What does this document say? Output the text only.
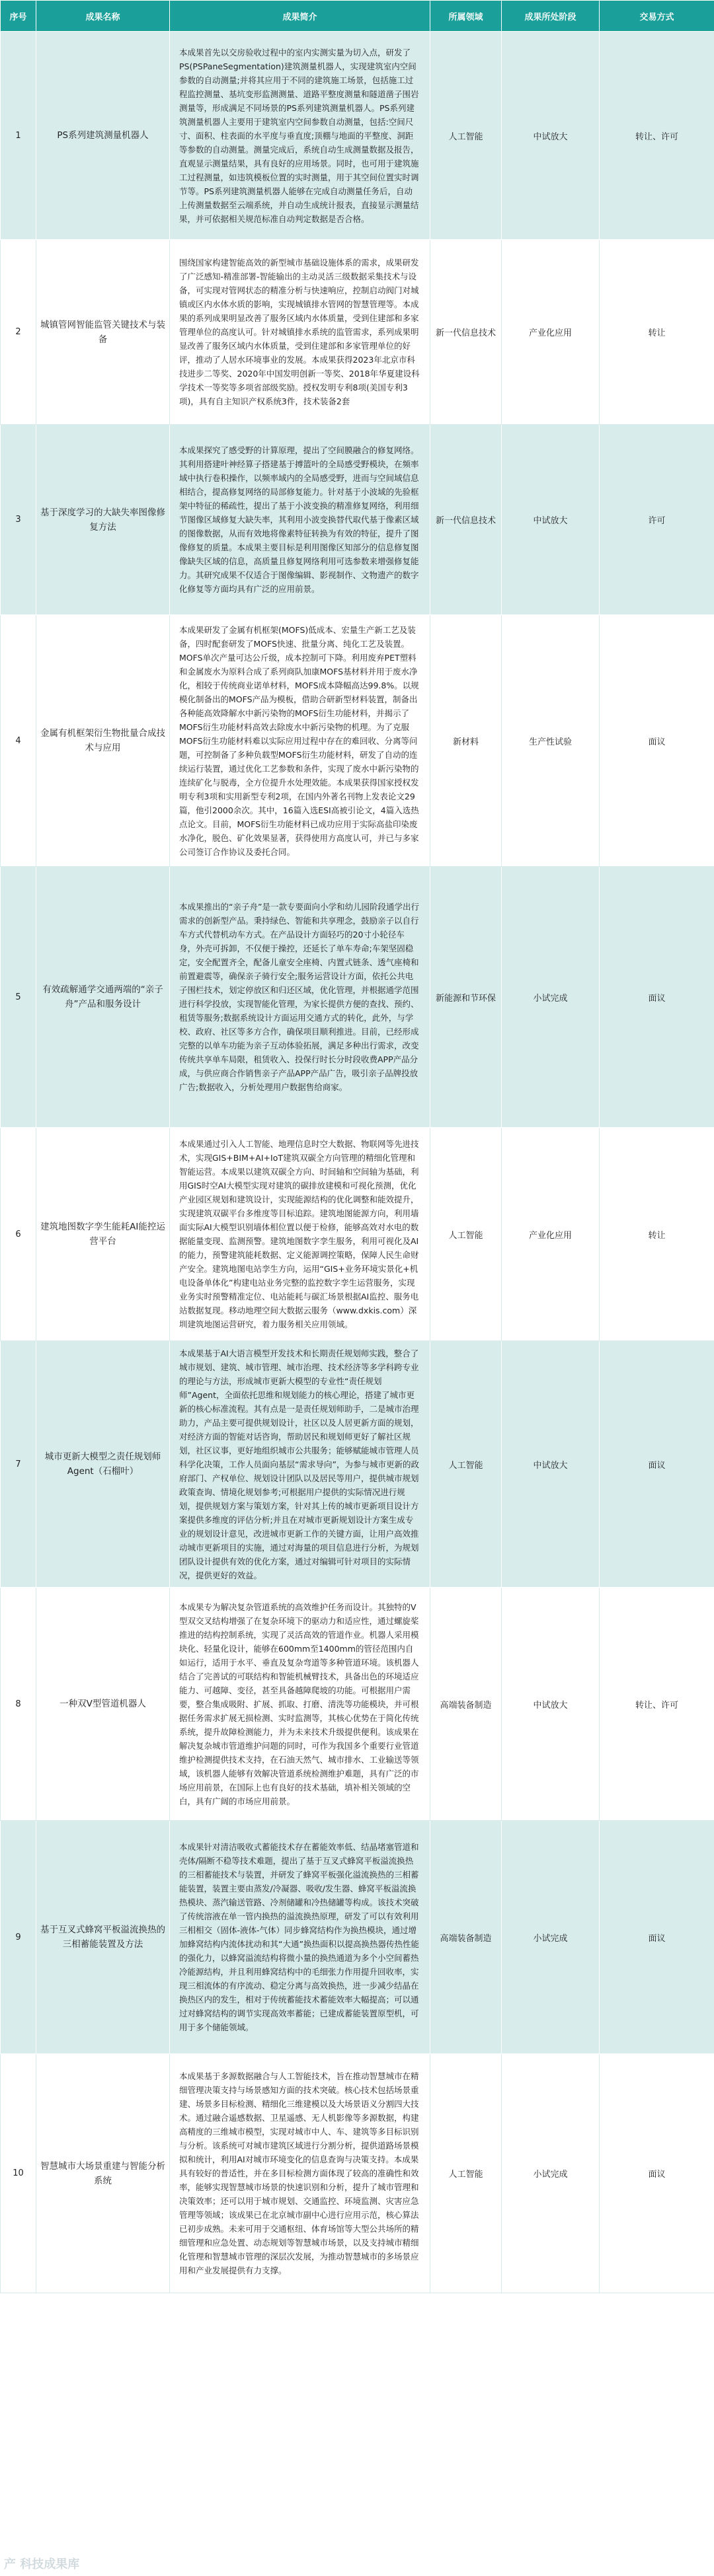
序号	成果名称	成果简介	所属领域	成果所处阶段	交易方式
1	PS系列建筑测量机器人	本成果首先以交房验收过程中的室内实测实量为切入点，研发了PS(PSPaneSegmentation)建筑测量机器人，实现建筑室内空间参数的自动测量;并将其应用于不同的建筑施工场景，包括施工过程监控测量、基坑变形监测测量、道路平整度测量和隧道凿子围岩测量等，形成满足不同场景的PS系列建筑测量机器人。PS系列建筑测量机器人主要用于建筑室内空间参数自动测量，包括:空间尺寸、面积、柱表面的水平度与垂直度;顶棚与地面的平整度、洞距等参数的自动测量。测量完成后，系统自动生成测量数据及报告，直观显示测量结果，具有良好的应用场景。同时，也可用于建筑施工过程测量，如违筑模板位置的实时测量，用于其空间位置实时调节等。PS系列建筑测量机器人能够在完成自动测量任务后，自动上传测量数据至云端系统，并自动生成统计报表，直接显示测量结果，并可依据相关规范标准自动判定数据是否合格。	人工智能	中试放大	转让、许可
2	城镇管网智能监管关键技术与装备	围绕国家构建智能高效的新型城市基础设施体系的需求，成果研发了广泛感知-精准部署-智能输出的主动灵活三级数据采集技术与设备，可实现对管网状态的精准分析与快速响应，控制启动阀门对城镇或区内水体水质的影响，实现城镇排水管网的智慧管理等。本成果的系列成果明显改善了服务区域内水体质量，受到住建部和多家管理单位的高度认可。针对城镇排水系统的监管需求，系列成果明显改善了服务区域内水体质量，受到住建部和多家管理单位的好评，推动了人居水环境事业的发展。本成果获得2023年北京市科技进步二等奖、2020年中国发明创新一等奖、2018年华夏建设科学技术一等奖等多项省部级奖励。授权发明专利8项(美国专利3项)，具有自主知识产权系统3件，技术装备2套	新一代信息技术	产业化应用	转让
3	基于深度学习的大缺失率图像修复方法	本成果探究了感受野的计算原理，提出了空间膜融合的修复网络。其利用搭建叶神经算子搭建基于搏篮叶的全局感受野模块，在频率域中执行卷积操作，以频率域内的全局感受野，进而与空间域信息相结合，提高修复网络的局部修复能力。针对基于小波域的先验框架中特征的稀疏性，提出了基于小波变换的精准修复网络，利用细节图像区域修复大缺失率，其利用小波变换替代取代基于像素区域的图像数据，从而有效地将像素特征转换为有效的特征，提升了图像修复的质量。本成果主要目标是利用图像区知部分的信息修复图像缺失区域的信息，高质量且修复网络利用可选参数来增强修复能力。其研究成果不仅适合于图像编辑、影视制作、文物遗产的数字化修复等方面均具有广泛的应用前景。	新一代信息技术	中试放大	许可
4	金属有机框架衍生物批量合成技术与应用	本成果研发了金属有机框架(MOFS)低成本、宏量生产新工艺及装备，四时配套研发了MOFS快速、批量分离、纯化工艺及装置。MOFS单次产量可达公斤级，成本控制可下降。利用废弃PET塑料和金属废水为原料合成了系列商队加康MOFS基材料并用于废水净化，相较于传统商业诺单材料，MOFS成本降幅高达99.8%。以规模化制备出的MOFS产品为模板，借助合研新型材料装置，制备出各种能高效降解水中新污染物的MOFS衍生功能材料，并揭示了MOFS衍生功能材料高效去除废水中新污染物的机理。为了克服MOFS衍生功能材料难以实际应用过程中存在的难回收、分离等问题，可控制备了多种负载型MOFS衍生功能材料，研发了自动的连续运行装置，通过优化工艺参数和条件，实现了废水中新污染物的连续矿化与脱毒，全方位提升水处理效能。本成果获得国家授权发明专利3项和实用新型专利2项，在国内外著名刊物上发表论文29篇，他引2000余次。其中，16篇入选ESI高被引论文，4篇入选热点论文。目前，MOFS衍生功能材料已成功应用于实际高盐印染废水净化，脱色、矿化效果显著，获得使用方高度认可，并已与多家公司签订合作协议及委托合同。	新材料	生产性试验	面议
5	有效疏解通学交通两端的“亲子舟”产品和服务设计	本成果推出的“亲子舟”是一款专要面向小学和幼儿园阶段通学出行需求的创新型产品。秉持绿色、智能和共享理念，鼓励亲子以自行车方式代替机动车方式。在产品设计方面轻巧的20寸小轮径车身，外壳可拆卸，不仅便于操控，还延长了单车寿命;车架坚固稳定，安全配置齐全，配备儿童安全座椅、内置式链条、透气座椅和前置避震等，确保亲子骑行安全;服务运营设计方面，依托公共电子围栏技术，划定停放区和归还区域，优化管理，并根据通学范围进行科学投放，实现智能化管理，为家长提供方便的查找、预约、租赁等服务;数据系统设计方面运用交通方式的转化，此外，与学校、政府、社区等多方合作，确保项目顺利推进。目前，已经形成完整的以单车功能为亲子互动体验拓展，满足多种出行需求，改变传统共享单车局限，租赁收入、投保行时长分时段收费APP产品分成，与供应商合作销售亲子产品APP产品广告，吸引亲子品牌投放广告;数据收入，分析处理用户数据售给商家。	新能源和节环保	小试完成	面议
6	建筑地图数字孪生能耗AI能控运营平台	本成果通过引入人工智能、地理信息时空大数据、物联网等先进技术，实现GIS+BIM+AI+IoT建筑双碳全方向管理的精细化管理和智能运营。本成果以建筑双碳全方向、时间轴和空间轴为基础，利用GIS时空AI大模型实现对建筑的碳排放建模和可视化预测，优化产业园区规划和建筑设计，实现能源结构的优化调整和能效提升，实现建筑双碳平台多维度等目标追踪。建筑地图能源方向，利用墙面实际AI大模型识别墙体相位置以便于检修，能够高效对水电的数据能量变现、监测预警。建筑地图数字孪生服务，利用可视化及AI的能力，预警建筑能耗数据、定义能源调控策略，保障人民生命财产安全。建筑地图电站孪生方向，运用“GIS+业务环境实景化+机电设备单体化”构建电站业务完整的监控数字孪生运营服务，实现业务实时预警精准定位、电站能耗与碳汇场景根据AI监控、服务电站数据复现。移动地理空间大数据云服务（www.dxkis.com）深圳建筑地图运营研究，着力服务相关应用领域。	人工智能	产业化应用	转让
7	城市更新大模型之责任规划师Agent（石榴叶）	本成果基于AI大语言模型开发技术和长期责任规划师实践，整合了城市规划、建筑、城市管理、城市治理、技术经济等多学科跨专业的理论与方法，形成城市更新大模型的专业性“责任规划师”Agent，全面依托思维和规划能力的核心理论，搭建了城市更新的核心标准流程。其有点是一是责任规划师助手，二是城市治理助力，产品主要可提供规划设计，社区以及人居更新方面的规划，对经济方面的智能对话咨询，帮助居民和规划师更好了解社区规划，社区议事，更好地组织城市公共服务；能够赋能城市管理人员科学化决策，工作人员面向基层“需求导向”，为参与城市更新的政府部门、产权单位、规划设计团队以及居民等用户，提供城市规划政策查询、情境化规划参考;可根据用户提供的实际情况进行规划，提供规划方案与策划方案，针对其上传的城市更新项目设计方案提供多维度的评估分析;并且在对城市更新规划设计方案生成专业的规划设计意见，改进城市更新工作的关键方面，让用户高效推动城市更新项目的实施，通过对海量的项目信息进行分析，为规划团队设计提供有效的优化方案，通过对编辑可针对项目的实际情况，提供更好的效益。	人工智能	中试放大	面议
8	一种双V型管道机器人	本成果专为解决复杂管道系统的高效维护任务而设计。其独特的V型双交叉结构增强了在复杂环境下的驱动力和适应性，通过螺旋桨推进的结构控制系统，实现了灵活高效的管道作业。机器人采用模块化、轻量化设计，能够在600mm至1400mm的管径范围内自如运行，适用于水平、垂直及复杂弯道等多种管道环境。该机器人结合了完善试的可联结构和智能机械臂技术，具备出色的环境适应能力、可越障、变径，甚至具备越障爬坡的功能。可根据用户需要，整合集成吸附、扩展、抓取、打磨、清洗等功能模块，并可根据任务需求扩展无损检测、实时监测等，其核心优势在于简化传统系统，提升故障检测能力，并为未来技术升级提供便利。该成果在解决复杂城市管道维护问题的同时，可作为我国多个重要行业管道维护检测提供技术支持，在石油天然气、城市排水、工业输送等领域，该机器人能够有效解决管道系统检测维护难题，具有广泛的市场应用前景，在国际上也有良好的技术基础，填补相关领域的空白，具有广阔的市场应用前景。	高端装备制造	中试放大	转让、许可
9	基于互叉式蜂窝平板溢流换热的三相蓄能装置及方法	本成果针对清洁吸收式蓄能技术存在蓄能效率低、结晶堵塞管道和壳体/隔断不稳等技术难题，提出了基于互叉式蜂窝平板溢流换热的三相蓄能技术与装置，并研发了蜂窝平板强化溢流换热的三相蓄能装置，装置主要由蒸发/冷凝器、吸收/发生器、蜂窝平板溢流换热模块、蒸汽输送管路、冷剂储罐和冷热储罐等构成。该技术突破了传统溶液在单一管内换热的溢流换热原理，研发了可以有效利用三相相交（固体-液体-气体）同步蜂窝结构作为换热模块，通过增加蜂窝结构内流体扰动和其“大通”换热面积以提高换热器传热性能的强化力，以蜂窝溢流结构将微小量的换热通道为多个小空间蓄热冷能源结构，并且利用蜂窝结构中的毛细张力作用提升回收率，实现三相流体的有序流动、稳定分离与高效换热，进一步减少结晶在换热区内的发生，相对于传统蓄能技术蓄能效率大幅提高；可以通过对蜂窝结构的调节实现高效率蓄能；已建成蓄能装置原型机，可用于多个储能领域。	高端装备制造	小试完成	面议
10	智慧城市大场景重建与智能分析系统	本成果基于多源数据融合与人工智能技术，旨在推动智慧城市在精细管理决策支持与场景感知方面的技术突破。核心技术包括场景重建、场景多目标检测、精细化三维建模以及大场景语义分割四大技术。通过融合遥感数据、卫星遥感、无人机影像等多源数据，构建高精度的三维城市模型，实现对城市中人、车、建筑等多目标识别与分析。该系统可对城市建筑区域进行分割分析，提供道路场景模拟和统计，利用AI对城市环境变化的信息查询与决策支持。本成果具有较好的普适性，并在多目标检测方面体现了较高的准确性和效率，能够实现智慧城市场景的快速识别和分析，提升了城市管理和决策效率；还可以用于城市规划、交通监控、环境监测、灾害应急管理等领域；该成果已在北京城市副中心进行应用示范，核心算法已初步成熟。未来可用于交通枢纽、体育场馆等大型公共场所的精细管理和应急处置、动态规划等智慧城市场景，以及支持城市精细化管理和智慧城市管理的深层次发展，为推动智慧城市的多场景应用和产业发展提供有力支撑。	人工智能	小试完成	面议
产 科技成果库
